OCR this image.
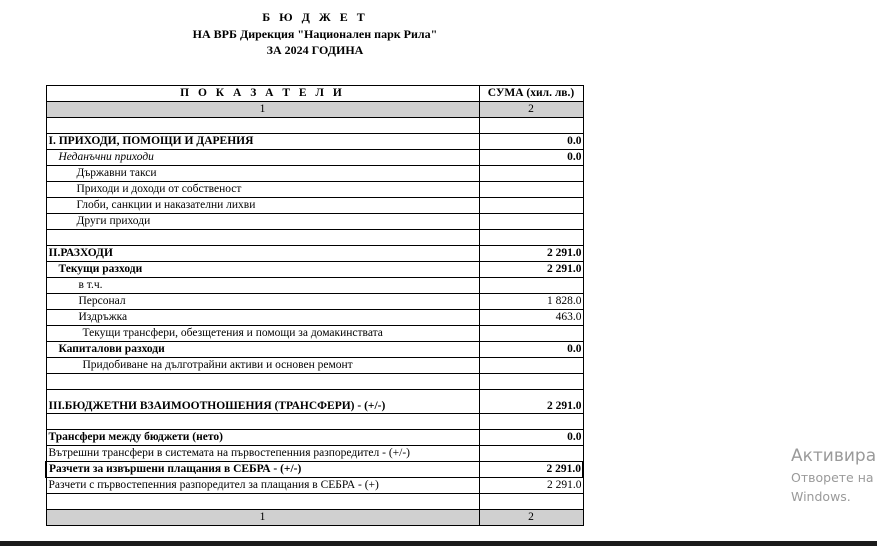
Б Ю Д Ж Е Т
НА ВРБ Дирекция "Национален парк Рила"
ЗА 2024 ГОДИНА
П О К А З А Т Е Л И	СУМА (хил. лв.)
1	2

I. ПРИХОДИ, ПОМОЩИ И ДАРЕНИЯ	0.0
Неданъчни приходи	0.0
Държавни такси	
Приходи и доходи от собственост	
Глоби, санкции и наказателни лихви	
Други приходи	

II.РАЗХОДИ	2 291.0
Текущи разходи	2 291.0
в т.ч.	
Персонал	1 828.0
Издръжка	463.0
Текущи трансфери, обезщетения и помощи за домакинствата	
Капиталови разходи	0.0
Придобиване на дълготрайни активи и основен ремонт	

III.БЮДЖЕТНИ ВЗАИМООТНОШЕНИЯ (ТРАНСФЕРИ) - (+/-)	2 291.0

Трансфери между бюджети (нето)	0.0
Вътрешни трансфери в системата на първостепенния разпоредител - (+/-)	
Разчети за извършени плащания в СЕБРА - (+/-)	2 291.0
Разчети с първостепенния разпоредител за плащания в СЕБРА - (+)	2 291.0

1	2
Активира
Отворете на
Windows.
